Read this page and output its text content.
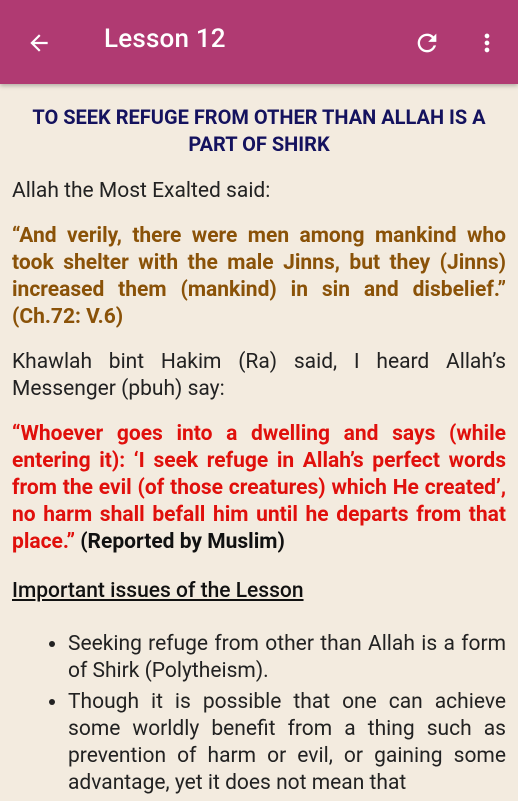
Lesson 12
TO SEEK REFUGE FROM OTHER THAN ALLAH IS A PART OF SHIRK

Allah the Most Exalted said:

“And verily, there were men among mankind who took shelter with the male Jinns, but they (Jinns) increased them (mankind) in sin and disbelief.” (Ch.72: V.6)

Khawlah bint Hakim (Ra) said, I heard Allah’s Messenger (pbuh) say:

“Whoever goes into a dwelling and says (while entering it): ‘I seek refuge in Allah’s perfect words from the evil (of those creatures) which He created’, no harm shall befall him until he departs from that place.” (Reported by Muslim)

Important issues of the Lesson

• Seeking refuge from other than Allah is a form of Shirk (Polytheism).
• Though it is possible that one can achieve some worldly benefit from a thing such as prevention of harm or evil, or gaining some advantage, yet it does not mean that
